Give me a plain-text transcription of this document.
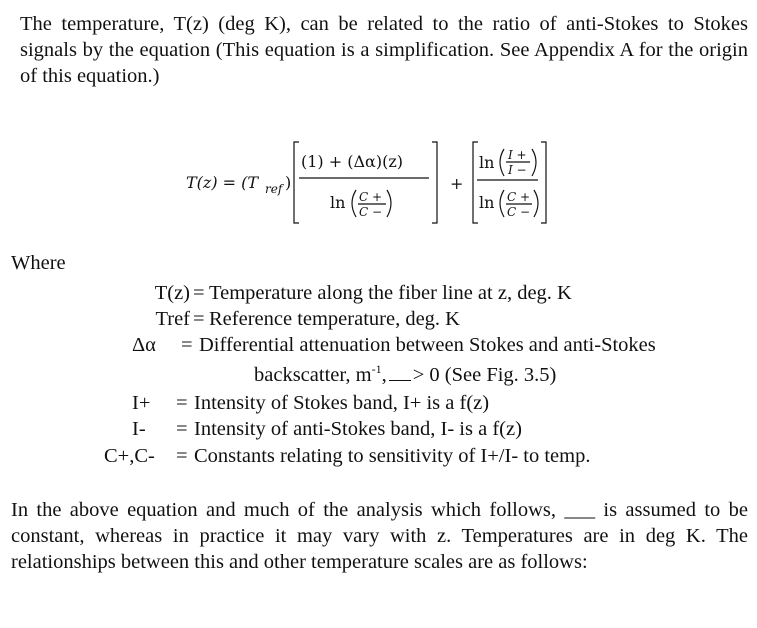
The temperature, T(z) (deg K), can be related to the ratio of anti-Stokes to Stokes signals by the equation (This equation is a simplification. See Appendix A for the origin of this equation.)

T(z) = (T ref )
(1) + (Δα)(z)
ln C +
C −
+
ln I +
I −
ln C +
C −

Where

T(z) = Temperature along the fiber line at z, deg. K
Tref = Reference temperature, deg. K
Δα = Differential attenuation between Stokes and anti-Stokes
backscatter, $m^{-1}$, > 0 (See Fig. 3.5)
I+ = Intensity of Stokes band, I+ is a f(z)
I- = Intensity of anti-Stokes band, I- is a f(z)
C+,C- = Constants relating to sensitivity of I+/I- to temp.

In the above equation and much of the analysis which follows, ___ is assumed to be constant, whereas in practice it may vary with z. Temperatures are in deg K. The relationships between this and other temperature scales are as follows:
